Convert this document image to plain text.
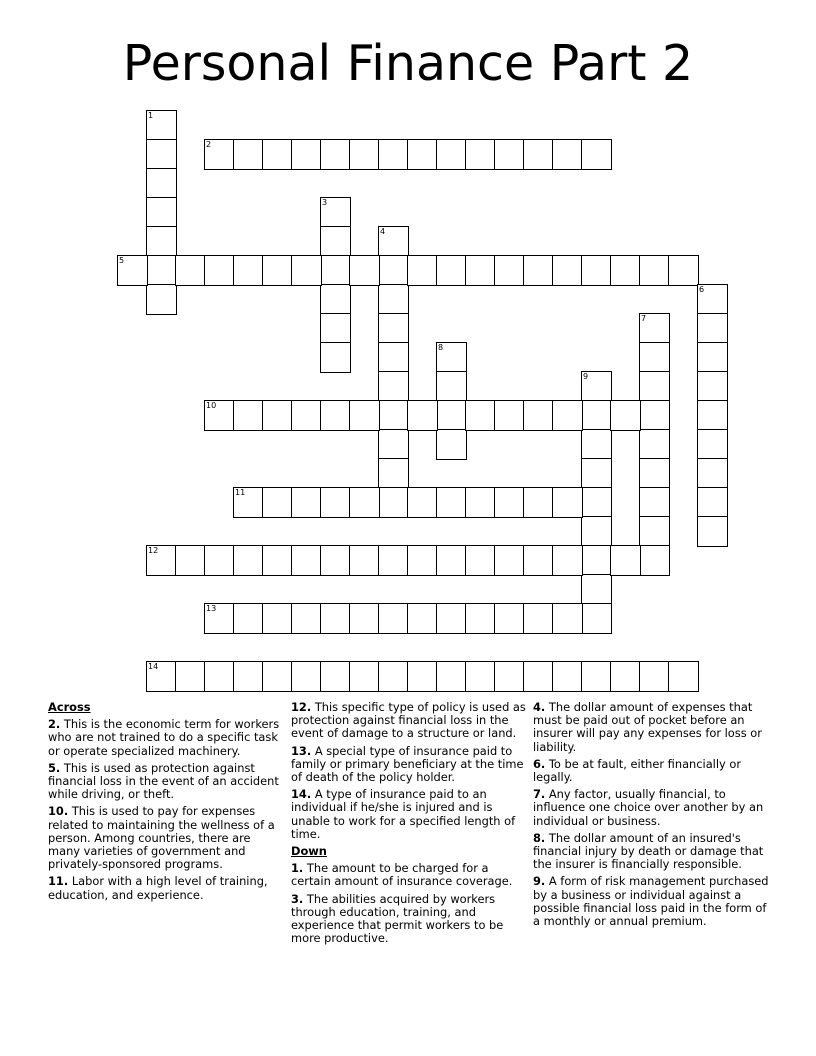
Personal Finance Part 2
1
2
3
4
5
6
7
8
9
10
11
12
13
14

Across

2. This is the economic term for workers who are not trained to do a specific task or operate specialized machinery.

5. This is used as protection against financial loss in the event of an accident while driving, or theft.

10. This is used to pay for expenses related to maintaining the wellness of a person. Among countries, there are many varieties of government and privately-sponsored programs.

11. Labor with a high level of training, education, and experience.

12. This specific type of policy is used as protection against financial loss in the event of damage to a structure or land.

13. A special type of insurance paid to family or primary beneficiary at the time of death of the policy holder.

14. A type of insurance paid to an individual if he/she is injured and is unable to work for a specified length of time.

Down

1. The amount to be charged for a certain amount of insurance coverage.

3. The abilities acquired by workers through education, training, and experience that permit workers to be more productive.

4. The dollar amount of expenses that must be paid out of pocket before an insurer will pay any expenses for loss or liability.

6. To be at fault, either financially or legally.

7. Any factor, usually financial, to influence one choice over another by an individual or business.

8. The dollar amount of an insured's financial injury by death or damage that the insurer is financially responsible.

9. A form of risk management purchased by a business or individual against a possible financial loss paid in the form of a monthly or annual premium.
